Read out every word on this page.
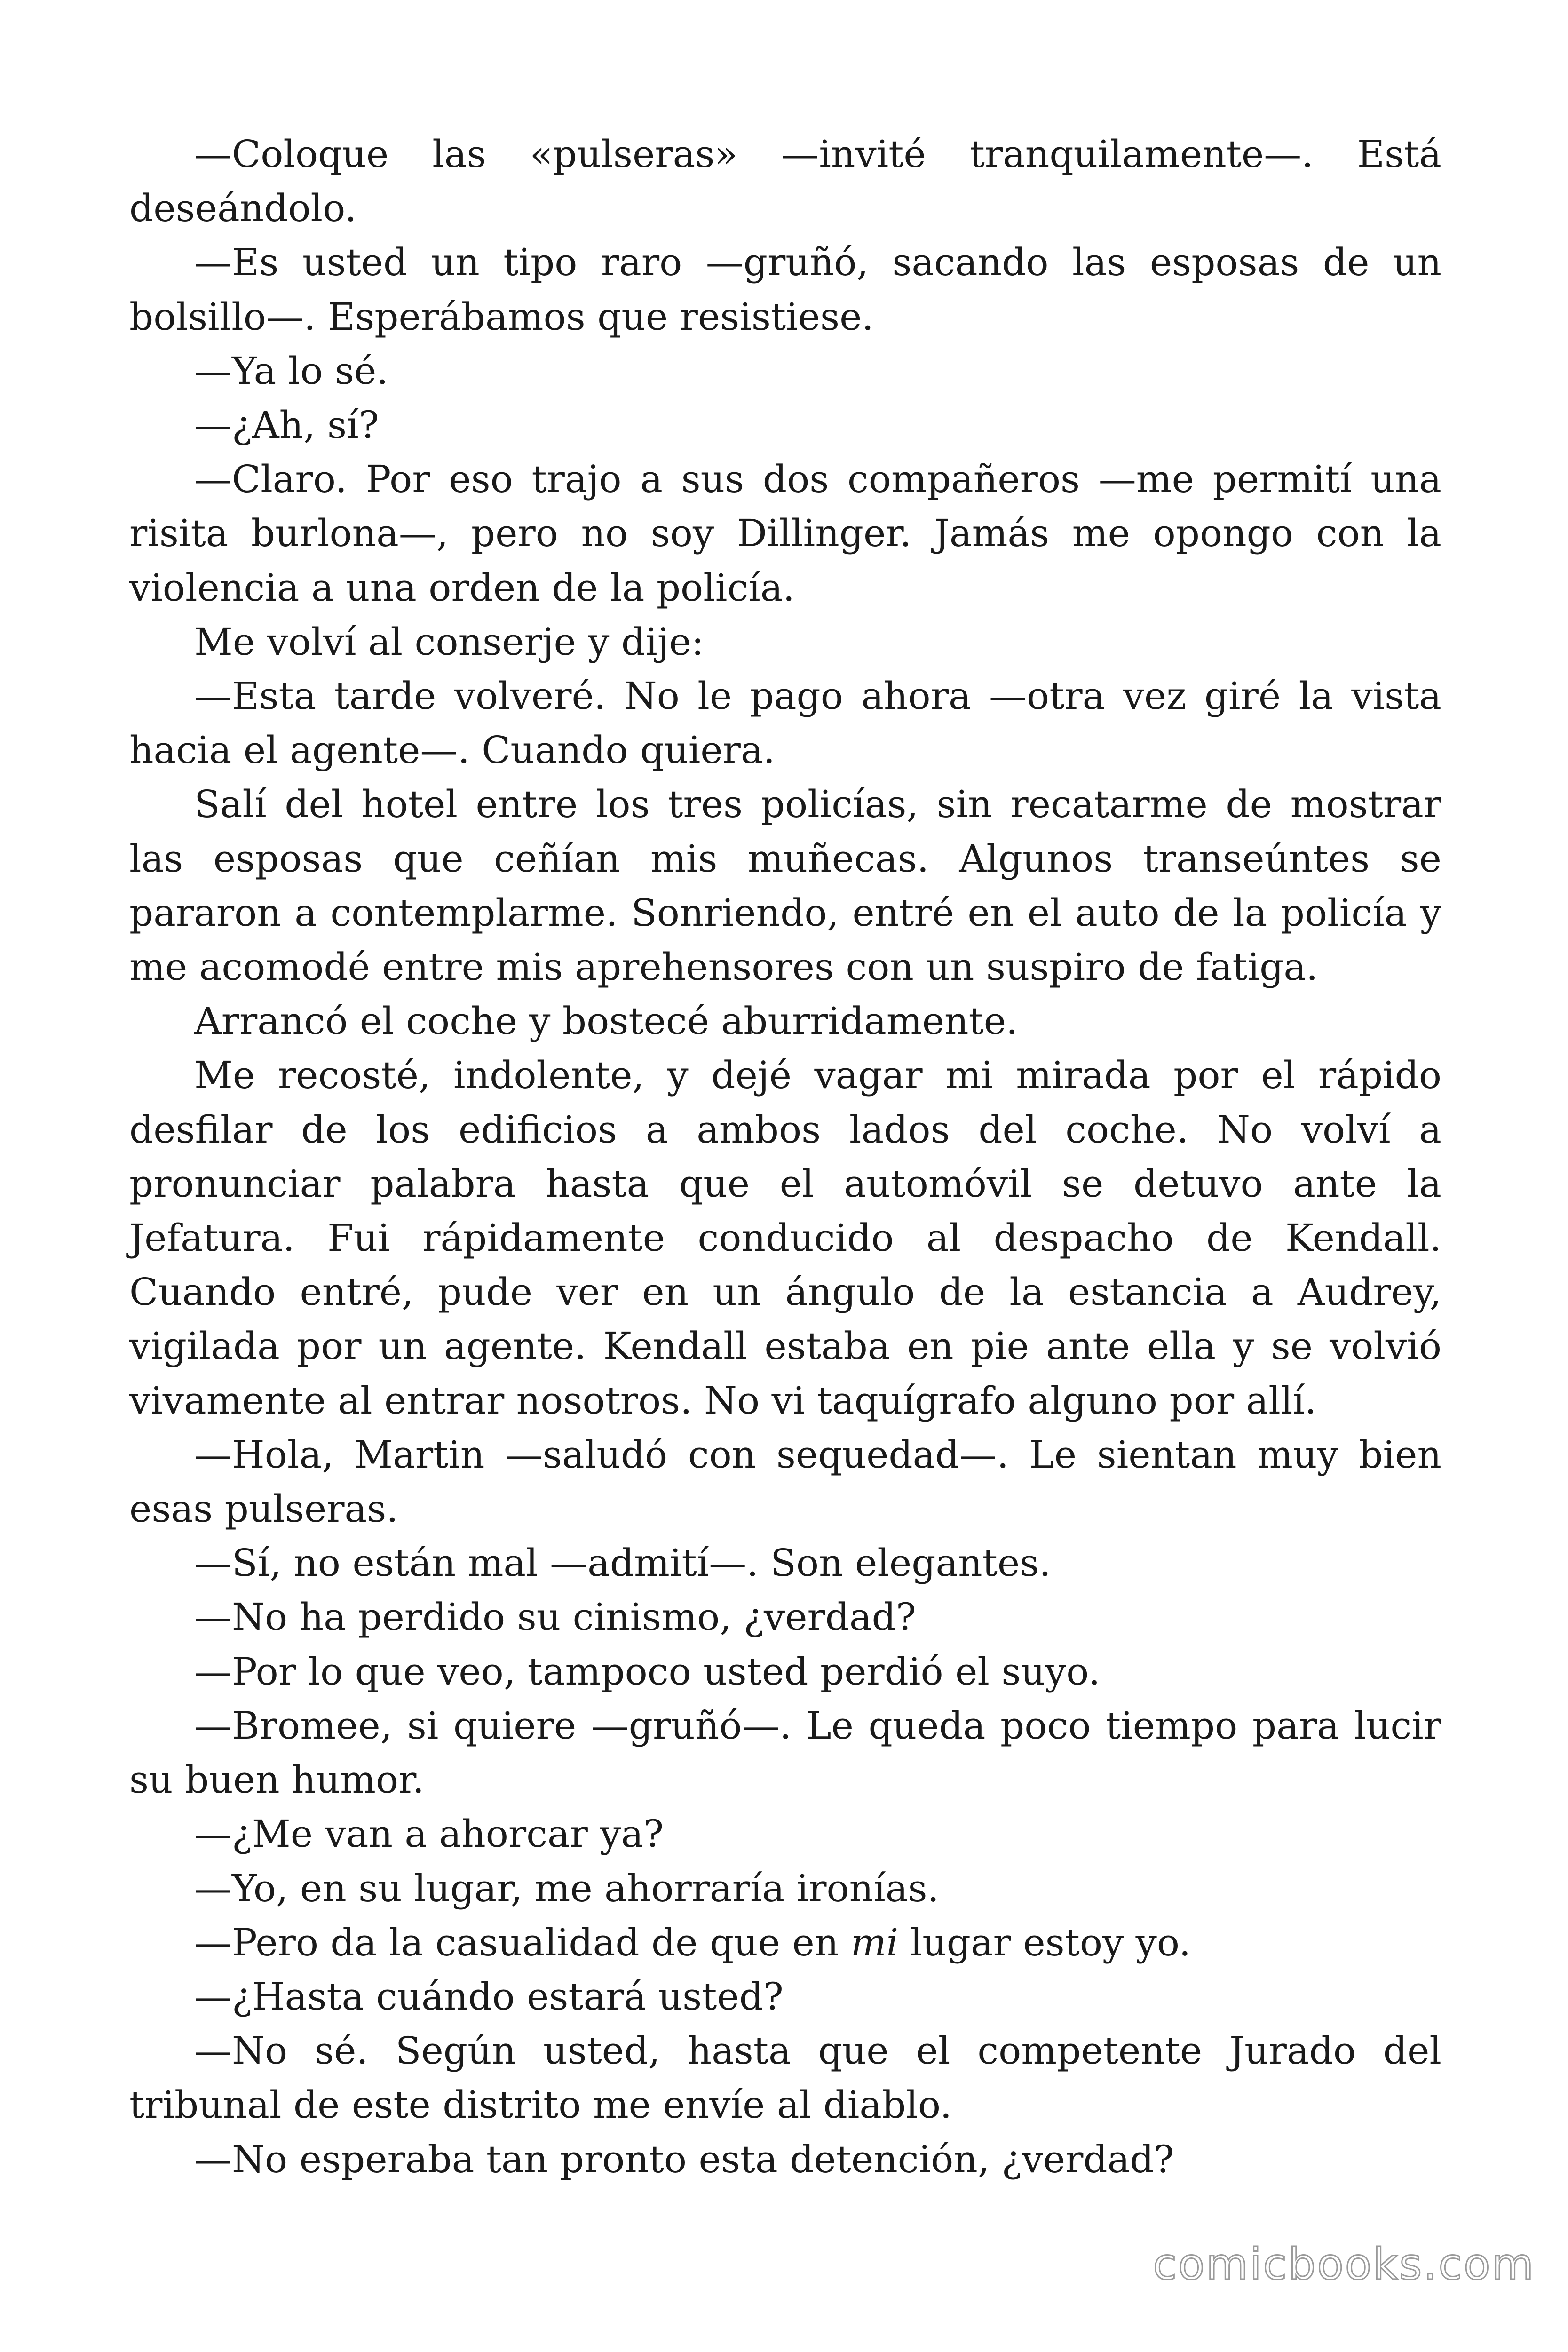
—Coloque las «pulseras» —invité tranquilamente—. Está deseándolo.

—Es usted un tipo raro —gruñó, sacando las esposas de un bolsillo—. Esperábamos que resistiese.

—Ya lo sé.

—¿Ah, sí?

—Claro. Por eso trajo a sus dos compañeros —me permití una risita burlona—, pero no soy Dillinger. Jamás me opongo con la violencia a una orden de la policía.

Me volví al conserje y dije:

—Esta tarde volveré. No le pago ahora —otra vez giré la vista hacia el agente—. Cuando quiera.

Salí del hotel entre los tres policías, sin recatarme de mostrar las esposas que ceñían mis muñecas. Algunos transeúntes se pararon a contemplarme. Sonriendo, entré en el auto de la policía y me acomodé entre mis aprehensores con un suspiro de fatiga.

Arrancó el coche y bostecé aburridamente.

Me recosté, indolente, y dejé vagar mi mirada por el rápido desfilar de los edificios a ambos lados del coche. No volví a pronunciar palabra hasta que el automóvil se detuvo ante la Jefatura. Fui rápidamente conducido al despacho de Kendall. Cuando entré, pude ver en un ángulo de la estancia a Audrey, vigilada por un agente. Kendall estaba en pie ante ella y se volvió vivamente al entrar nosotros. No vi taquígrafo alguno por allí.

—Hola, Martin —saludó con sequedad—. Le sientan muy bien esas pulseras.

—Sí, no están mal —admití—. Son elegantes.

—No ha perdido su cinismo, ¿verdad?

—Por lo que veo, tampoco usted perdió el suyo.

—Bromee, si quiere —gruñó—. Le queda poco tiempo para lucir su buen humor.

—¿Me van a ahorcar ya?

—Yo, en su lugar, me ahorraría ironías.

—Pero da la casualidad de que en mi lugar estoy yo.

—¿Hasta cuándo estará usted?

—No sé. Según usted, hasta que el competente Jurado del tribunal de este distrito me envíe al diablo.

—No esperaba tan pronto esta detención, ¿verdad?

comicbooks.com
